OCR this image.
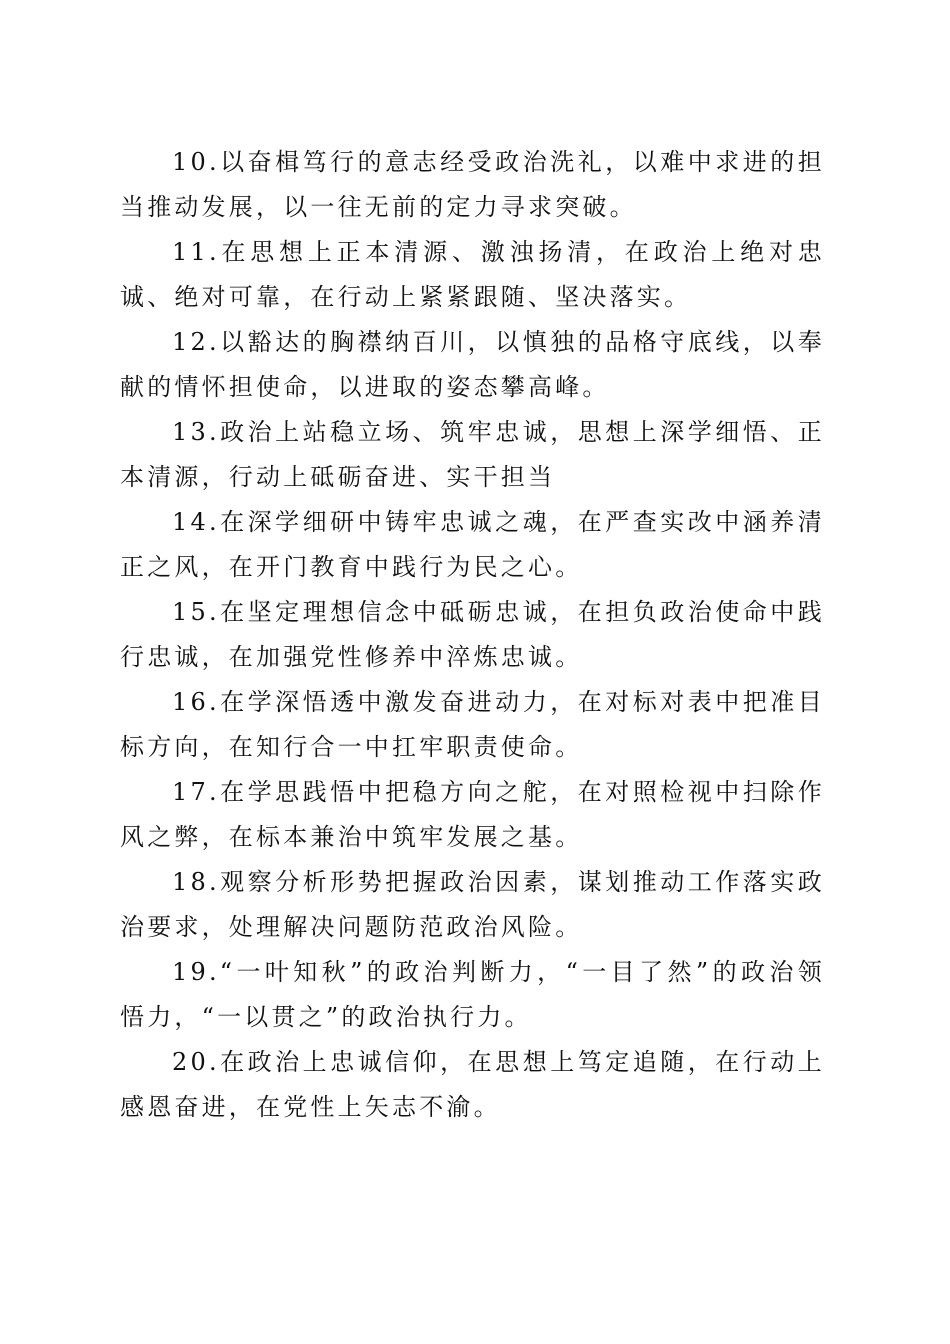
10.以奋楫笃行的意志经受政治洗礼，以难中求进的担当推动发展，以一往无前的定力寻求突破。

11.在思想上正本清源、激浊扬清，在政治上绝对忠诚、绝对可靠，在行动上紧紧跟随、坚决落实。

12.以豁达的胸襟纳百川，以慎独的品格守底线，以奉献的情怀担使命，以进取的姿态攀高峰。

13.政治上站稳立场、筑牢忠诚，思想上深学细悟、正本清源，行动上砥砺奋进、实干担当

14.在深学细研中铸牢忠诚之魂，在严查实改中涵养清正之风，在开门教育中践行为民之心。

15.在坚定理想信念中砥砺忠诚，在担负政治使命中践行忠诚，在加强党性修养中淬炼忠诚。

16.在学深悟透中激发奋进动力，在对标对表中把准目标方向，在知行合一中扛牢职责使命。

17.在学思践悟中把稳方向之舵，在对照检视中扫除作风之弊，在标本兼治中筑牢发展之基。

18.观察分析形势把握政治因素，谋划推动工作落实政治要求，处理解决问题防范政治风险。

19.“一叶知秋”的政治判断力，“一目了然”的政治领悟力，“一以贯之”的政治执行力。

20.在政治上忠诚信仰，在思想上笃定追随，在行动上感恩奋进，在党性上矢志不渝。
